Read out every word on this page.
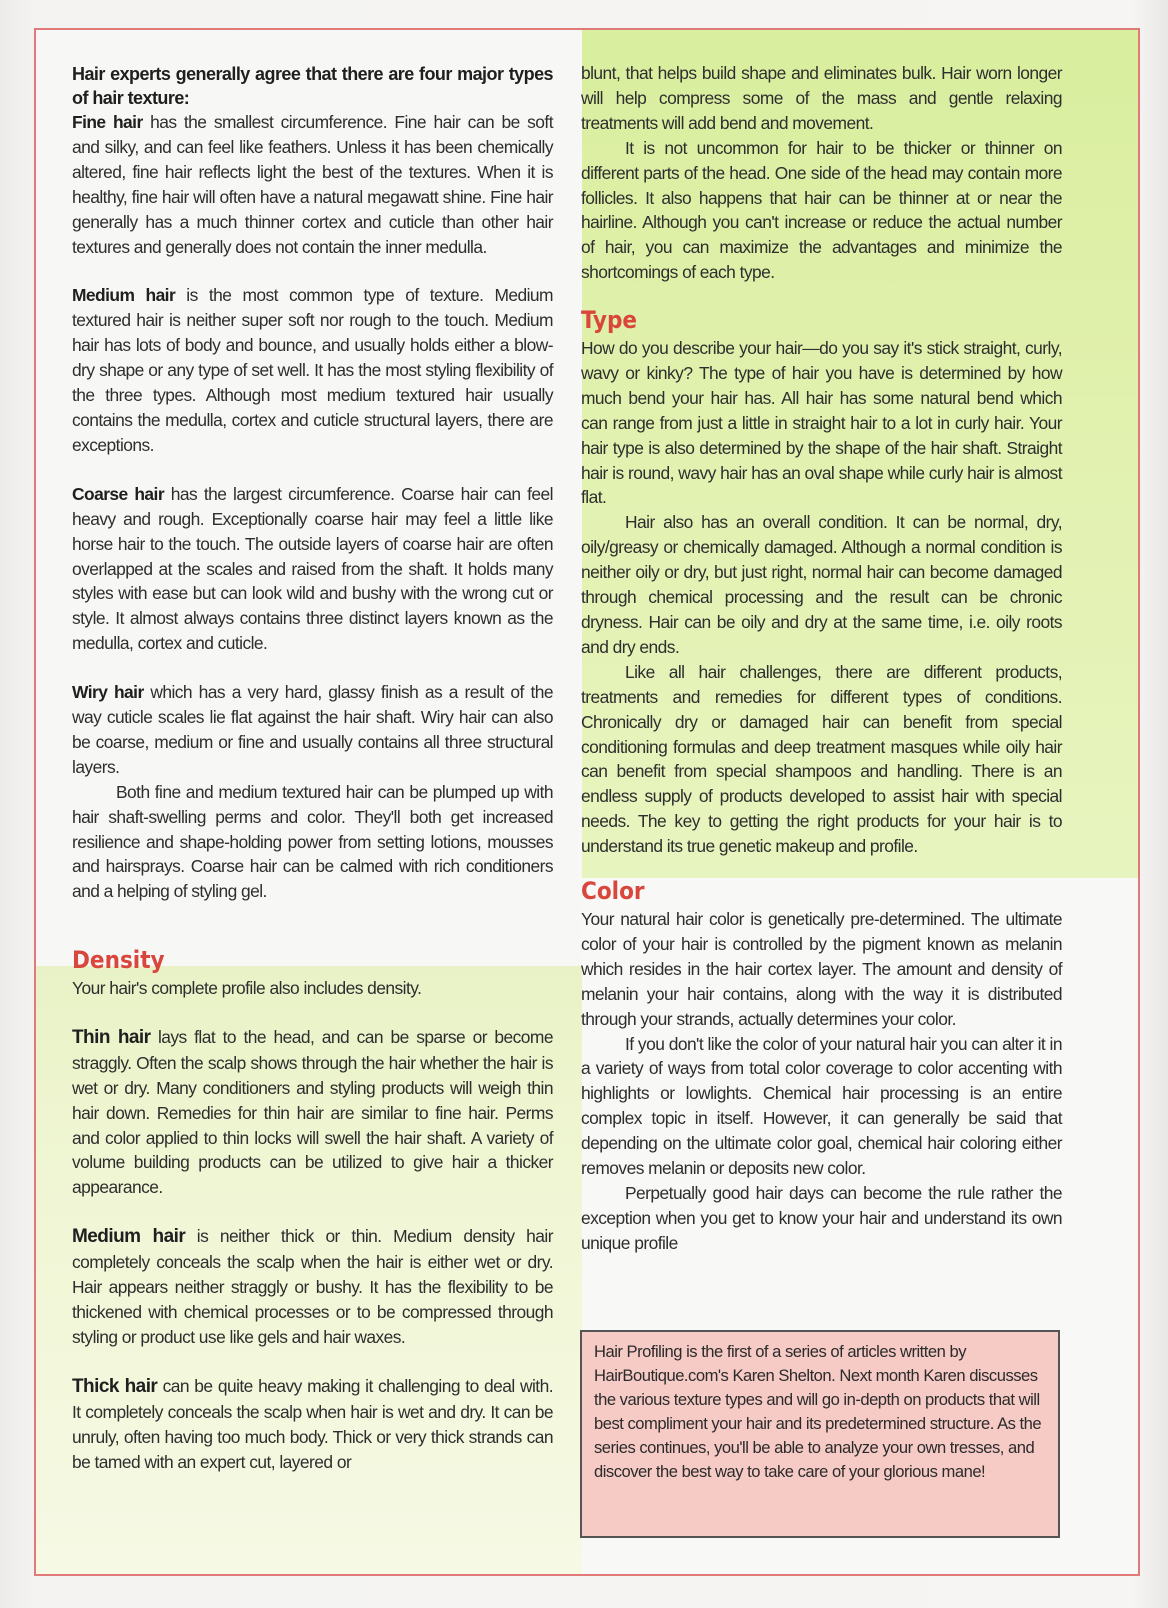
Hair experts generally agree that there are four major types of hair texture:

Fine hair has the smallest circumference. Fine hair can be soft and silky, and can feel like feathers. Unless it has been chemically altered, fine hair reflects light the best of the textures. When it is healthy, fine hair will often have a natural megawatt shine. Fine hair generally has a much thinner cortex and cuticle than other hair textures and generally does not contain the inner medulla.

Medium hair is the most common type of texture. Medium textured hair is neither super soft nor rough to the touch. Medium hair has lots of body and bounce, and usually holds either a blow-dry shape or any type of set well. It has the most styling flexibility of the three types. Although most medium textured hair usually contains the medulla, cortex and cuticle structural layers, there are exceptions.

Coarse hair has the largest circumference. Coarse hair can feel heavy and rough. Exceptionally coarse hair may feel a little like horse hair to the touch. The outside layers of coarse hair are often overlapped at the scales and raised from the shaft. It holds many styles with ease but can look wild and bushy with the wrong cut or style. It almost always contains three distinct layers known as the medulla, cortex and cuticle.

Wiry hair which has a very hard, glassy finish as a result of the way cuticle scales lie flat against the hair shaft. Wiry hair can also be coarse, medium or fine and usually contains all three structural layers.

Both fine and medium textured hair can be plumped up with hair shaft-swelling perms and color. They'll both get increased resilience and shape-holding power from setting lotions, mousses and hairsprays. Coarse hair can be calmed with rich conditioners and a helping of styling gel.

Density

Your hair's complete profile also includes density.

Thin hair lays flat to the head, and can be sparse or become straggly. Often the scalp shows through the hair whether the hair is wet or dry. Many conditioners and styling products will weigh thin hair down. Remedies for thin hair are similar to fine hair. Perms and color applied to thin locks will swell the hair shaft. A variety of volume building products can be utilized to give hair a thicker appearance.

Medium hair is neither thick or thin. Medium density hair completely conceals the scalp when the hair is either wet or dry. Hair appears neither straggly or bushy. It has the flexibility to be thickened with chemical processes or to be compressed through styling or product use like gels and hair waxes.

Thick hair can be quite heavy making it challenging to deal with. It completely conceals the scalp when hair is wet and dry. It can be unruly, often having too much body. Thick or very thick strands can be tamed with an expert cut, layered or

blunt, that helps build shape and eliminates bulk. Hair worn longer will help compress some of the mass and gentle relaxing treatments will add bend and movement.

It is not uncommon for hair to be thicker or thinner on different parts of the head. One side of the head may contain more follicles. It also happens that hair can be thinner at or near the hairline. Although you can't increase or reduce the actual number of hair, you can maximize the advantages and minimize the shortcomings of each type.

Type

How do you describe your hair—do you say it's stick straight, curly, wavy or kinky? The type of hair you have is determined by how much bend your hair has. All hair has some natural bend which can range from just a little in straight hair to a lot in curly hair. Your hair type is also determined by the shape of the hair shaft. Straight hair is round, wavy hair has an oval shape while curly hair is almost flat.

Hair also has an overall condition. It can be normal, dry, oily/greasy or chemically damaged. Although a normal condition is neither oily or dry, but just right, normal hair can become damaged through chemical processing and the result can be chronic dryness. Hair can be oily and dry at the same time, i.e. oily roots and dry ends.

Like all hair challenges, there are different products, treatments and remedies for different types of conditions. Chronically dry or damaged hair can benefit from special conditioning formulas and deep treatment masques while oily hair can benefit from special shampoos and handling. There is an endless supply of products developed to assist hair with special needs. The key to getting the right products for your hair is to understand its true genetic makeup and profile.

Color

Your natural hair color is genetically pre-determined. The ultimate color of your hair is controlled by the pigment known as melanin which resides in the hair cortex layer. The amount and density of melanin your hair contains, along with the way it is distributed through your strands, actually determines your color.

If you don't like the color of your natural hair you can alter it in a variety of ways from total color coverage to color accenting with highlights or lowlights. Chemical hair processing is an entire complex topic in itself. However, it can generally be said that depending on the ultimate color goal, chemical hair coloring either removes melanin or deposits new color.

Perpetually good hair days can become the rule rather the exception when you get to know your hair and understand its own unique profile

Hair Profiling is the first of a series of articles written by HairBoutique.com's Karen Shelton. Next month Karen discusses the various texture types and will go in-depth on products that will best compliment your hair and its predetermined structure. As the series continues, you'll be able to analyze your own tresses, and discover the best way to take care of your glorious mane!
